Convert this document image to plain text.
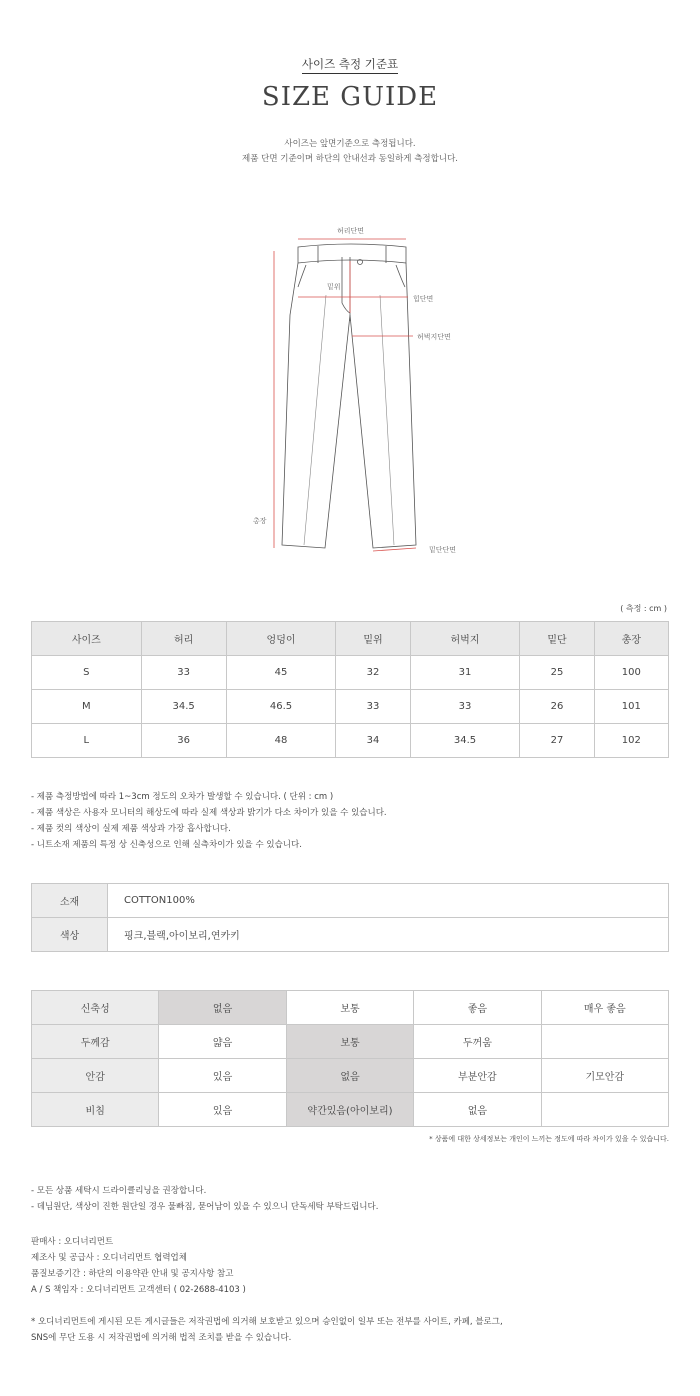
사이즈 측정 기준표
SIZE GUIDE
사이즈는 앞면기준으로 측정됩니다.
제품 단면 기준이며 하단의 안내선과 동일하게 측정합니다.
허리단면
밑위
힙단면
허벅지단면
총장
밑단단면
( 측정 : cm )
사이즈	허리	엉덩이	밑위	허벅지	밑단	총장
S	33	45	32	31	25	100
M	34.5	46.5	33	33	26	101
L	36	48	34	34.5	27	102
- 제품 측정방법에 따라 1~3cm 정도의 오차가 발생할 수 있습니다. ( 단위 : cm )
- 제품 색상은 사용자 모니터의 해상도에 따라 실제 색상과 밝기가 다소 차이가 있을 수 있습니다.
- 제품 컷의 색상이 실제 제품 색상과 가장 흡사합니다.
- 니트소재 제품의 특정 상 신축성으로 인해 실측차이가 있을 수 있습니다.
소재	COTTON100%
색상	핑크,블랙,아이보리,연카키
신축성	없음	보통	좋음	매우 좋음
두께감	얇음	보통	두꺼움	
안감	있음	없음	부분안감	기모안감
비침	있음	약간있음(아이보리)	없음	
* 상품에 대한 상세정보는 개인이 느끼는 정도에 따라 차이가 있을 수 있습니다.
- 모든 상품 세탁시 드라이클리닝을 권장합니다.
- 데님원단, 색상이 진한 원단일 경우 물빠짐, 묻어남이 있을 수 있으니 단독세탁 부탁드립니다.
판매사 : 오디너리먼트
제조사 및 공급사 : 오디너리먼트 협력업체
품질보증기간 : 하단의 이용약관 안내 및 공지사항 참고
A / S 책임자 : 오디너리먼트 고객센터 ( 02-2688-4103 )
* 오디너리먼트에 게시된 모든 게시글들은 저작권법에 의거해 보호받고 있으며 승인없이 일부 또는 전부를 사이트, 카페, 블로그,
SNS에 무단 도용 시 저작권법에 의거해 법적 조치를 받을 수 있습니다.
